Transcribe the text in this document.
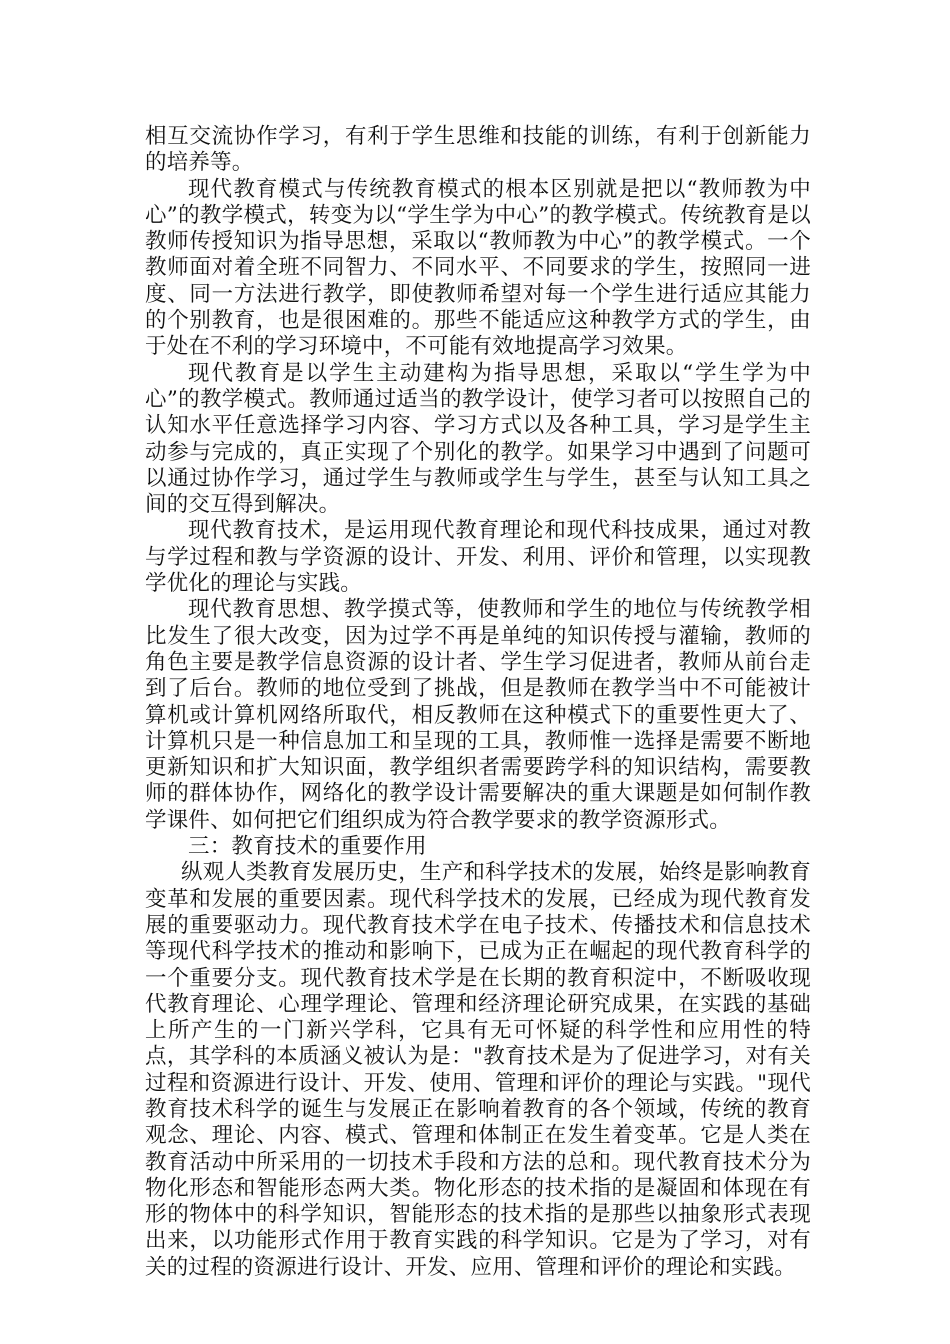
相互交流协作学习，有利于学生思维和技能的训练，有利于创新能力的培养等。

现代教育模式与传统教育模式的根本区别就是把以“教师教为中心”的教学模式，转变为以“学生学为中心”的教学模式。传统教育是以教师传授知识为指导思想，采取以“教师教为中心”的教学模式。一个教师面对着全班不同智力、不同水平、不同要求的学生，按照同一进度、同一方法进行教学，即使教师希望对每一个学生进行适应其能力的个别教育，也是很困难的。那些不能适应这种教学方式的学生，由于处在不利的学习环境中，不可能有效地提高学习效果。

现代教育是以学生主动建构为指导思想，采取以“学生学为中心”的教学模式。教师通过适当的教学设计，使学习者可以按照自己的认知水平任意选择学习内容、学习方式以及各种工具，学习是学生主动参与完成的，真正实现了个别化的教学。如果学习中遇到了问题可以通过协作学习，通过学生与教师或学生与学生，甚至与认知工具之间的交互得到解决。

现代教育技术，是运用现代教育理论和现代科技成果，通过对教与学过程和教与学资源的设计、开发、利用、评价和管理，以实现教学优化的理论与实践。

现代教育思想、教学摸式等，使教师和学生的地位与传统教学相比发生了很大改变，因为过学不再是单纯的知识传授与灌输，教师的角色主要是教学信息资源的设计者、学生学习促进者，教师从前台走到了后台。教师的地位受到了挑战，但是教师在教学当中不可能被计算机或计算机网络所取代，相反教师在这种模式下的重要性更大了、计算机只是一种信息加工和呈现的工具，教师惟一选择是需要不断地更新知识和扩大知识面，教学组织者需要跨学科的知识结构，需要教师的群体协作，网络化的教学设计需要解决的重大课题是如何制作教学课件、如何把它们组织成为符合教学要求的教学资源形式。

三：教育技术的重要作用

纵观人类教育发展历史，生产和科学技术的发展，始终是影响教育变革和发展的重要因素。现代科学技术的发展，已经成为现代教育发展的重要驱动力。现代教育技术学在电子技术、传播技术和信息技术等现代科学技术的推动和影响下，已成为正在崛起的现代教育科学的一个重要分支。现代教育技术学是在长期的教育积淀中，不断吸收现代教育理论、心理学理论、管理和经济理论研究成果，在实践的基础上所产生的一门新兴学科，它具有无可怀疑的科学性和应用性的特点，其学科的本质涵义被认为是："教育技术是为了促进学习，对有关过程和资源进行设计、开发、使用、管理和评价的理论与实践。"现代教育技术科学的诞生与发展正在影响着教育的各个领域，传统的教育观念、理论、内容、模式、管理和体制正在发生着变革。它是人类在教育活动中所采用的一切技术手段和方法的总和。现代教育技术分为物化形态和智能形态两大类。物化形态的技术指的是凝固和体现在有形的物体中的科学知识，智能形态的技术指的是那些以抽象形式表现出来，以功能形式作用于教育实践的科学知识。它是为了学习，对有关的过程的资源进行设计、开发、应用、管理和评价的理论和实践。
